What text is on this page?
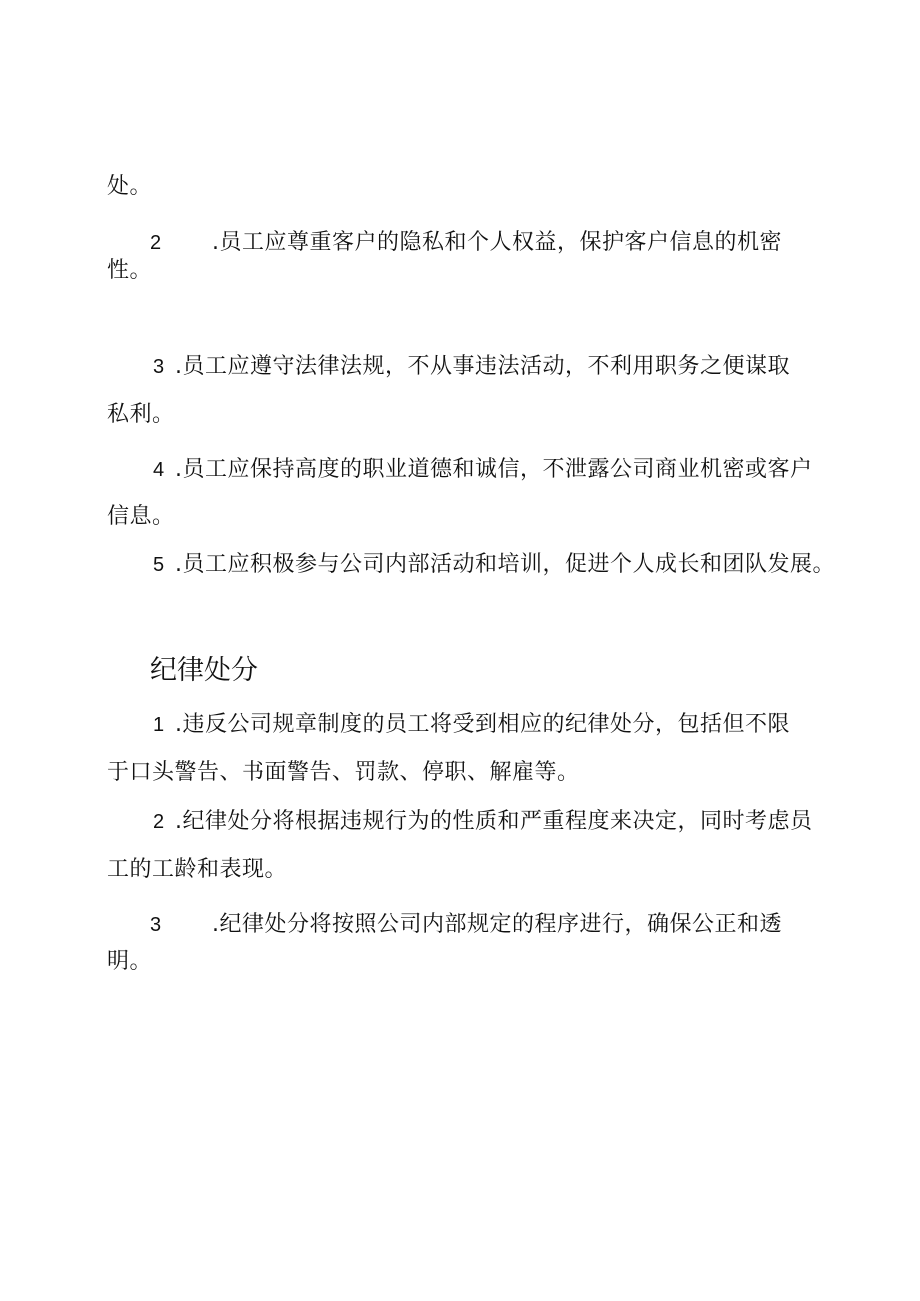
处。
2 .员工应尊重客户的隐私和个人权益，保护客户信息的机密
性。
3 .员工应遵守法律法规，不从事违法活动，不利用职务之便谋取
私利。
4 .员工应保持高度的职业道德和诚信，不泄露公司商业机密或客户
信息。
5 .员工应积极参与公司内部活动和培训，促进个人成长和团队发展。
纪律处分
1 .违反公司规章制度的员工将受到相应的纪律处分，包括但不限
于口头警告、书面警告、罚款、停职、解雇等。
2 .纪律处分将根据违规行为的性质和严重程度来决定，同时考虑员
工的工龄和表现。
3 .纪律处分将按照公司内部规定的程序进行，确保公正和透
明。
